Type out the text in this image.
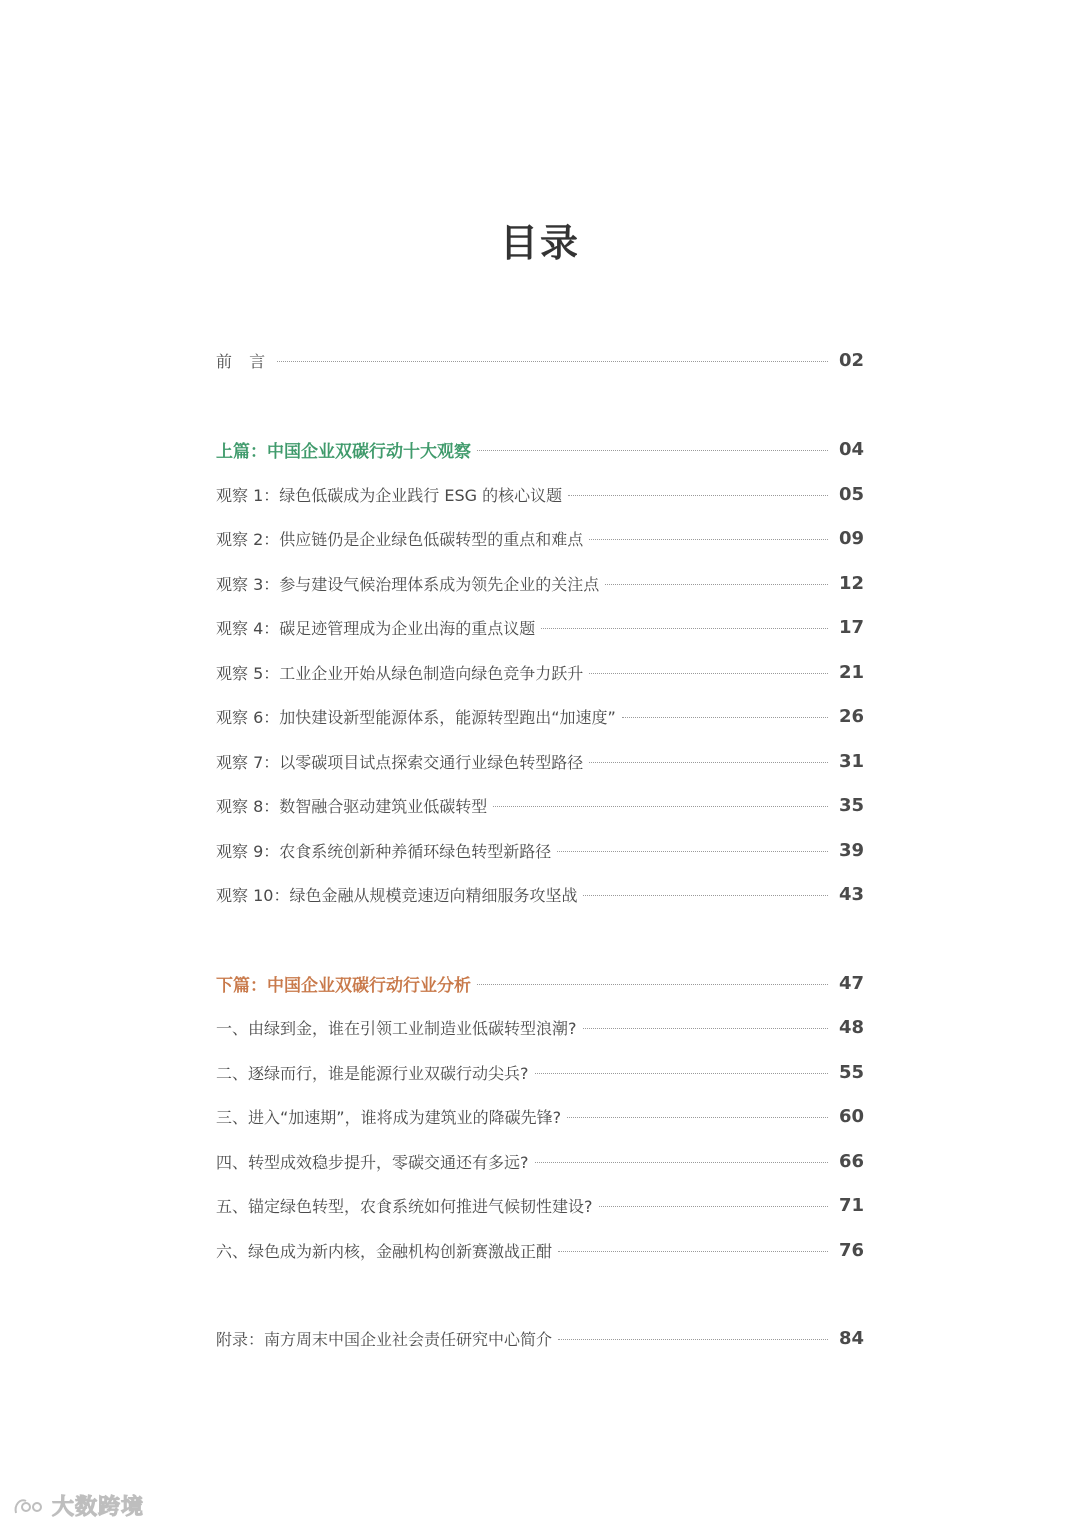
目录
前 言	02
上篇：中国企业双碳行动十大观察	04
观察 1：绿色低碳成为企业践行 ESG 的核心议题	05
观察 2：供应链仍是企业绿色低碳转型的重点和难点	09
观察 3：参与建设气候治理体系成为领先企业的关注点	12
观察 4：碳足迹管理成为企业出海的重点议题	17
观察 5：工业企业开始从绿色制造向绿色竞争力跃升	21
观察 6：加快建设新型能源体系，能源转型跑出“加速度”	26
观察 7：以零碳项目试点探索交通行业绿色转型路径	31
观察 8：数智融合驱动建筑业低碳转型	35
观察 9：农食系统创新种养循环绿色转型新路径	39
观察 10：绿色金融从规模竞速迈向精细服务攻坚战	43
下篇：中国企业双碳行动行业分析	47
一、由绿到金，谁在引领工业制造业低碳转型浪潮?	48
二、逐绿而行，谁是能源行业双碳行动尖兵?	55
三、进入“加速期”，谁将成为建筑业的降碳先锋?	60
四、转型成效稳步提升，零碳交通还有多远?	66
五、锚定绿色转型，农食系统如何推进气候韧性建设?	71
六、绿色成为新内核，金融机构创新赛激战正酣	76
附录：南方周末中国企业社会责任研究中心简介	84
大数跨境
